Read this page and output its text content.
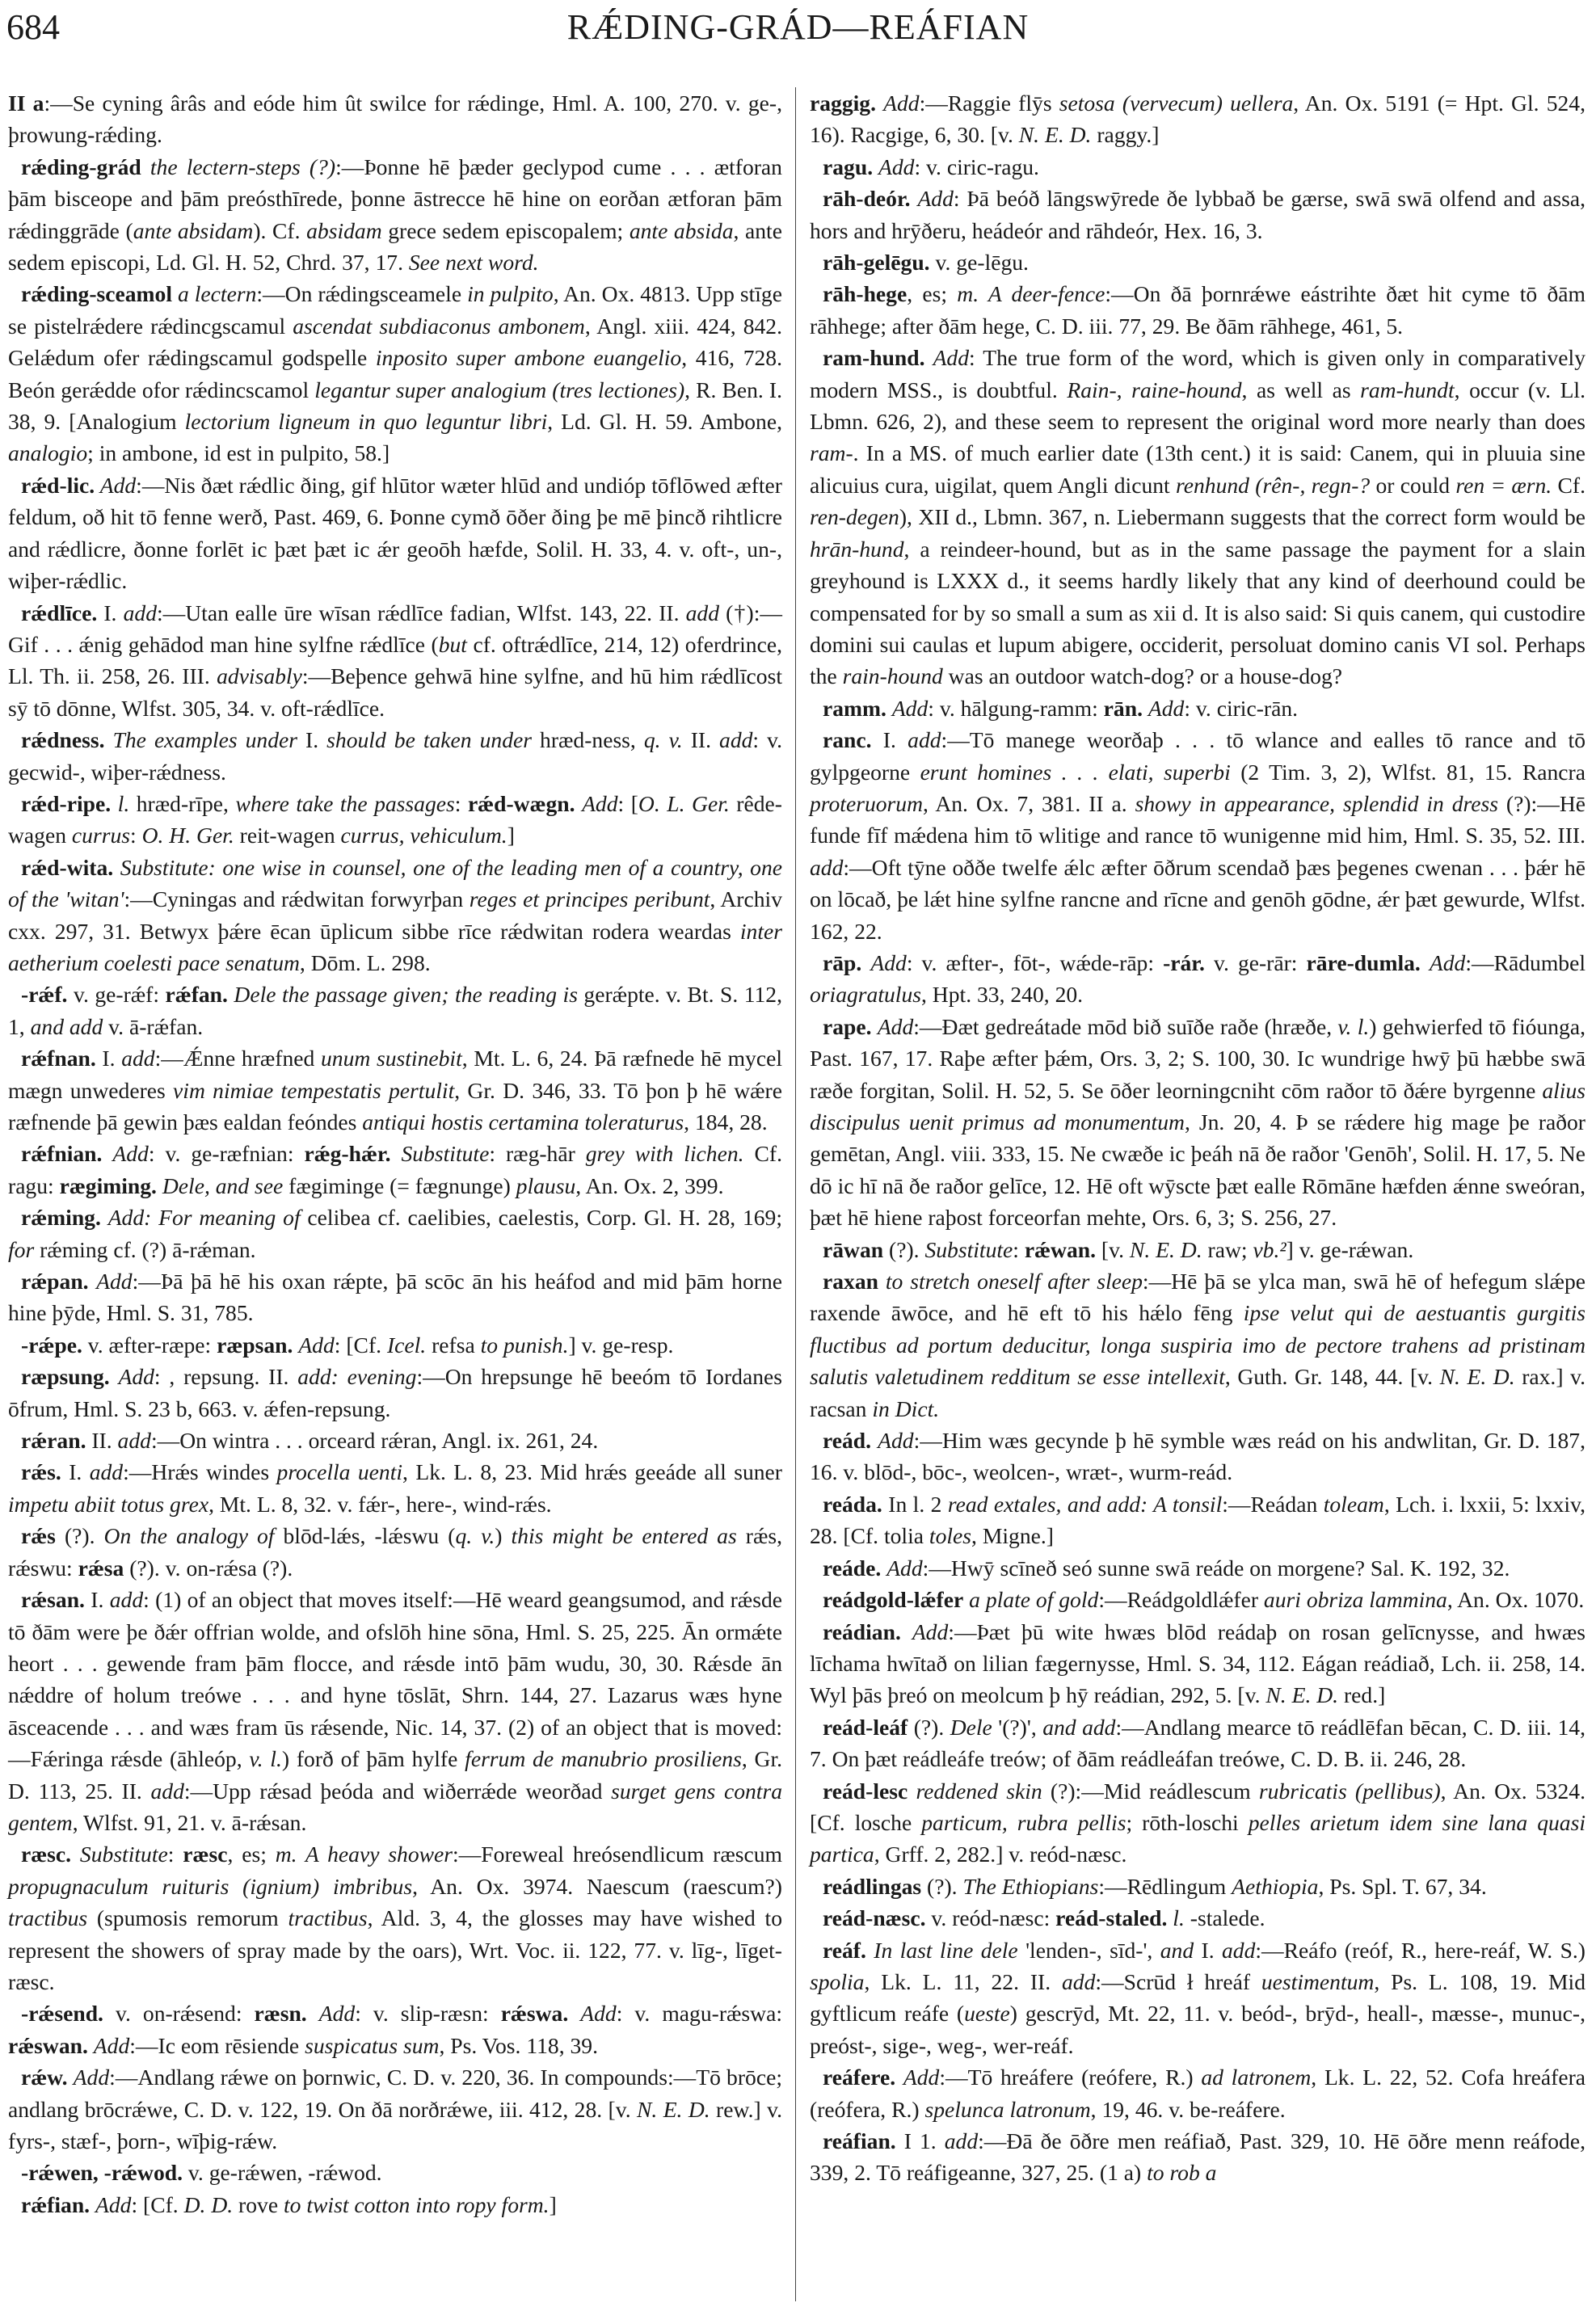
684	RǼDING-GRÁD—REÁFIAN

II a:—Se cyning ârâs and eóde him ût swilce for rǽdinge, Hml. A. 100, 270. v. ge-, þrowung-rǽding.

rǽding-grád the lectern-steps (?):—Þonne hē þæder geclypod cume . . . ætforan þām bisceope and þām preósthīrede, þonne āstrecce hē hine on eorðan ætforan þām rǽdinggrāde (ante absidam). Cf. absidam grece sedem episcopalem; ante absida, ante sedem episcopi, Ld. Gl. H. 52, Chrd. 37, 17. See next word.

rǽding-sceamol a lectern:—On rǽdingsceamele in pulpito, An. Ox. 4813. Upp stīge se pistelrǽdere rǽdincgscamul ascendat subdiaconus ambonem, Angl. xiii. 424, 842. Gelǽdum ofer rǽdingscamul godspelle inposito super ambone euangelio, 416, 728. Beón gerǽdde ofor rǽdincscamol legantur super analogium (tres lectiones), R. Ben. I. 38, 9. [Analogium lectorium ligneum in quo leguntur libri, Ld. Gl. H. 59. Ambone, analogio; in ambone, id est in pulpito, 58.]

rǽd-lic. Add:—Nis ðæt rǽdlic ðing, gif hlūtor wæter hlūd and undióp tōflōwed æfter feldum, oð hit tō fenne werð, Past. 469, 6. Þonne cymð ōðer ðing þe mē þincð rihtlicre and rǽdlicre, ðonne forlēt ic þæt þæt ic ǽr geoōh hæfde, Solil. H. 33, 4. v. oft-, un-, wiþer-rǽdlic.

rǽdlīce. I. add:—Utan ealle ūre wīsan rǽdlīce fadian, Wlfst. 143, 22. II. add (†):—Gif . . . ǽnig gehādod man hine sylfne rǽdlīce (but cf. oftrǽdlīce, 214, 12) oferdrince, Ll. Th. ii. 258, 26. III. advisably:—Beþence gehwā hine sylfne, and hū him rǽdlīcost sȳ tō dōnne, Wlfst. 305, 34. v. oft-rǽdlīce.

rǽdness. The examples under I. should be taken under hræd-ness, q. v. II. add: v. gecwid-, wiþer-rǽdness.

rǽd-ripe. l. hræd-rīpe, where take the passages: rǽd-wægn. Add: [O. L. Ger. rêde-wagen currus: O. H. Ger. reit-wagen currus, vehiculum.]

rǽd-wita. Substitute: one wise in counsel, one of the leading men of a country, one of the 'witan':—Cyningas and rǽdwitan forwyrþan reges et principes peribunt, Archiv cxx. 297, 31. Betwyx þǽre ēcan ūplicum sibbe rīce rǽdwitan rodera weardas inter aetherium coelesti pace senatum, Dōm. L. 298.

-rǽf. v. ge-rǽf: rǽfan. Dele the passage given; the reading is gerǽpte. v. Bt. S. 112, 1, and add v. ā-rǽfan.

rǽfnan. I. add:—Ǽnne hræfned unum sustinebit, Mt. L. 6, 24. Þā ræfnede hē mycel mægn unwederes vim nimiae tempestatis pertulit, Gr. D. 346, 33. Tō þon þ hē wǽre ræfnende þā gewin þæs ealdan feóndes antiqui hostis certamina toleraturus, 184, 28.

rǽfnian. Add: v. ge-ræfnian: rǽg-hǽr. Substitute: ræg-hār grey with lichen. Cf. ragu: rægiming. Dele, and see fægiminge (= fægnunge) plausu, An. Ox. 2, 399.

rǽming. Add: For meaning of celibea cf. caelibies, caelestis, Corp. Gl. H. 28, 169; for rǽming cf. (?) ā-rǽman.

rǽpan. Add:—Þā þā hē his oxan rǽpte, þā scōc ān his heáfod and mid þām horne hine þȳde, Hml. S. 31, 785.

-rǽpe. v. æfter-ræpe: ræpsan. Add: [Cf. Icel. refsa to punish.] v. ge-resp.

ræpsung. Add: , repsung. II. add: evening:—On hrepsunge hē beeóm tō Iordanes ōfrum, Hml. S. 23 b, 663. v. ǽfen-repsung.

rǽran. II. add:—On wintra . . . orceard rǽran, Angl. ix. 261, 24.

rǽs. I. add:—Hrǽs windes procella uenti, Lk. L. 8, 23. Mid hrǽs geeáde all suner impetu abiit totus grex, Mt. L. 8, 32. v. fǽr-, here-, wind-rǽs.

rǽs (?). On the analogy of blōd-lǽs, -lǽswu (q. v.) this might be entered as rǽs, rǽswu: rǽsa (?). v. on-rǽsa (?).

rǽsan. I. add: (1) of an object that moves itself:—Hē weard geangsumod, and rǽsde tō ðām were þe ðǽr offrian wolde, and ofslōh hine sōna, Hml. S. 25, 225. Ān ormǽte heort . . . gewende fram þām flocce, and rǽsde intō þām wudu, 30, 30. Rǽsde ān nǽddre of holum treówe . . . and hyne tōslāt, Shrn. 144, 27. Lazarus wæs hyne āsceacende . . . and wæs fram ūs rǽsende, Nic. 14, 37. (2) of an object that is moved:—Fǽringa rǽsde (āhleóp, v. l.) forð of þām hylfe ferrum de manubrio prosiliens, Gr. D. 113, 25. II. add:—Upp rǽsad þeóda and wiðerrǽde weorðad surget gens contra gentem, Wlfst. 91, 21. v. ā-rǽsan.

ræsc. Substitute: ræsc, es; m. A heavy shower:—Foreweal hreósendlicum ræscum propugnaculum ruituris (ignium) imbribus, An. Ox. 3974. Naescum (raescum?) tractibus (spumosis remorum tractibus, Ald. 3, 4, the glosses may have wished to represent the showers of spray made by the oars), Wrt. Voc. ii. 122, 77. v. līg-, līget-ræsc.

-rǽsend. v. on-rǽsend: ræsn. Add: v. slip-ræsn: rǽswa. Add: v. magu-rǽswa: rǽswan. Add:—Ic eom rēsiende suspicatus sum, Ps. Vos. 118, 39.

rǽw. Add:—Andlang rǽwe on þornwic, C. D. v. 220, 36. In compounds:—Tō brōce; andlang brōcrǽwe, C. D. v. 122, 19. On ðā norðrǽwe, iii. 412, 28. [v. N. E. D. rew.] v. fyrs-, stæf-, þorn-, wīþig-rǽw.

-rǽwen, -rǽwod. v. ge-rǽwen, -rǽwod.

rǽfian. Add: [Cf. D. D. rove to twist cotton into ropy form.]

raggig. Add:—Raggie flȳs setosa (vervecum) uellera, An. Ox. 5191 (= Hpt. Gl. 524, 16). Racgige, 6, 30. [v. N. E. D. raggy.]

ragu. Add: v. ciric-ragu.

rāh-deór. Add: Þā beóð lāngswȳrede ðe lybbað be gærse, swā swā olfend and assa, hors and hrȳðeru, heádeór and rāhdeór, Hex. 16, 3.

rāh-gelēgu. v. ge-lēgu.

rāh-hege, es; m. A deer-fence:—On ðā þornrǽwe eástrihte ðæt hit cyme tō ðām rāhhege; after ðām hege, C. D. iii. 77, 29. Be ðām rāhhege, 461, 5.

ram-hund. Add: The true form of the word, which is given only in comparatively modern MSS., is doubtful. Rain-, raine-hound, as well as ram-hundt, occur (v. Ll. Lbmn. 626, 2), and these seem to represent the original word more nearly than does ram-. In a MS. of much earlier date (13th cent.) it is said: Canem, qui in pluuia sine alicuius cura, uigilat, quem Angli dicunt renhund (rên-, regn-? or could ren = ærn. Cf. ren-degen), XII d., Lbmn. 367, n. Liebermann suggests that the correct form would be hrān-hund, a reindeer-hound, but as in the same passage the payment for a slain greyhound is LXXX d., it seems hardly likely that any kind of deerhound could be compensated for by so small a sum as xii d. It is also said: Si quis canem, qui custodire domini sui caulas et lupum abigere, occiderit, persoluat domino canis VI sol. Perhaps the rain-hound was an outdoor watch-dog? or a house-dog?

ramm. Add: v. hālgung-ramm: rān. Add: v. ciric-rān.

ranc. I. add:—Tō manege weorðaþ . . . tō wlance and ealles tō rance and tō gylpgeorne erunt homines . . . elati, superbi (2 Tim. 3, 2), Wlfst. 81, 15. Rancra proteruorum, An. Ox. 7, 381. II a. showy in appearance, splendid in dress (?):—Hē funde fīf mǽdena him tō wlitige and rance tō wunigenne mid him, Hml. S. 35, 52. III. add:—Oft tȳne oððe twelfe ǽlc æfter ōðrum scendað þæs þegenes cwenan . . . þǽr hē on lōcað, þe lǽt hine sylfne rancne and rīcne and genōh gōdne, ǽr þæt gewurde, Wlfst. 162, 22.

rāp. Add: v. æfter-, fōt-, wǽde-rāp: -rár. v. ge-rār: rāre-dumla. Add:—Rādumbel oriagratulus, Hpt. 33, 240, 20.

rape. Add:—Ðæt gedreátade mōd bið suīðe raðe (hræðe, v. l.) gehwierfed tō fióunga, Past. 167, 17. Raþe æfter þǽm, Ors. 3, 2; S. 100, 30. Ic wundrige hwȳ þū hæbbe swā ræðe forgitan, Solil. H. 52, 5. Se ōðer leorningcniht cōm raðor tō ðǽre byrgenne alius discipulus uenit primus ad monumentum, Jn. 20, 4. Þ se rǽdere hig mage þe raðor gemētan, Angl. viii. 333, 15. Ne cwæðe ic þeáh nā ðe raðor 'Genōh', Solil. H. 17, 5. Ne dō ic hī nā ðe raðor gelīce, 12. Hē oft wȳscte þæt ealle Rōmāne hæfden ǽnne sweóran, þæt hē hiene raþost forceorfan mehte, Ors. 6, 3; S. 256, 27.

rāwan (?). Substitute: rǽwan. [v. N. E. D. raw; vb.²] v. ge-rǽwan.

raxan to stretch oneself after sleep:—Hē þā se ylca man, swā hē of hefegum slǽpe raxende āwōce, and hē eft tō his hǽlo fēng ipse velut qui de aestuantis gurgitis fluctibus ad portum deducitur, longa suspiria imo de pectore trahens ad pristinam salutis valetudinem redditum se esse intellexit, Guth. Gr. 148, 44. [v. N. E. D. rax.] v. racsan in Dict.

reád. Add:—Him wæs gecynde þ hē symble wæs reád on his andwlitan, Gr. D. 187, 16. v. blōd-, bōc-, weolcen-, wræt-, wurm-reád.

reáda. In l. 2 read extales, and add: A tonsil:—Reádan toleam, Lch. i. lxxii, 5: lxxiv, 28. [Cf. tolia toles, Migne.]

reáde. Add:—Hwȳ scīneð seó sunne swā reáde on morgene? Sal. K. 192, 32.

reádgold-lǽfer a plate of gold:—Reádgoldlǽfer auri obriza lammina, An. Ox. 1070.

reádian. Add:—Þæt þū wite hwæs blōd reádaþ on rosan gelīcnysse, and hwæs līchama hwītað on lilian fægernysse, Hml. S. 34, 112. Eágan reádiað, Lch. ii. 258, 14. Wyl þās þreó on meolcum þ hȳ reádian, 292, 5. [v. N. E. D. red.]

reád-leáf (?). Dele '(?)', and add:—Andlang mearce tō reádlēfan bēcan, C. D. iii. 14, 7. On þæt reádleáfe treów; of ðām reádleáfan treówe, C. D. B. ii. 246, 28.

reád-lesc reddened skin (?):—Mid reádlescum rubricatis (pellibus), An. Ox. 5324. [Cf. losche particum, rubra pellis; rōth-loschi pelles arietum idem sine lana quasi partica, Grff. 2, 282.] v. reód-næsc.

reádlingas (?). The Ethiopians:—Rēdlingum Aethiopia, Ps. Spl. T. 67, 34.

reád-næsc. v. reód-næsc: reád-staled. l. -stalede.

reáf. In last line dele 'lenden-, sīd-', and I. add:—Reáfo (reóf, R., here-reáf, W. S.) spolia, Lk. L. 11, 22. II. add:—Scrūd ł hreáf uestimentum, Ps. L. 108, 19. Mid gyftlicum reáfe (ueste) gescrȳd, Mt. 22, 11. v. beód-, brȳd-, heall-, mæsse-, munuc-, preóst-, sige-, weg-, wer-reáf.

reáfere. Add:—Tō hreáfere (reófere, R.) ad latronem, Lk. L. 22, 52. Cofa hreáfera (reófera, R.) spelunca latronum, 19, 46. v. be-reáfere.

reáfian. I 1. add:—Ðā ðe ōðre men reáfiað, Past. 329, 10. Hē ōðre menn reáfode, 339, 2. Tō reáfigeanne, 327, 25. (1 a) to rob a
